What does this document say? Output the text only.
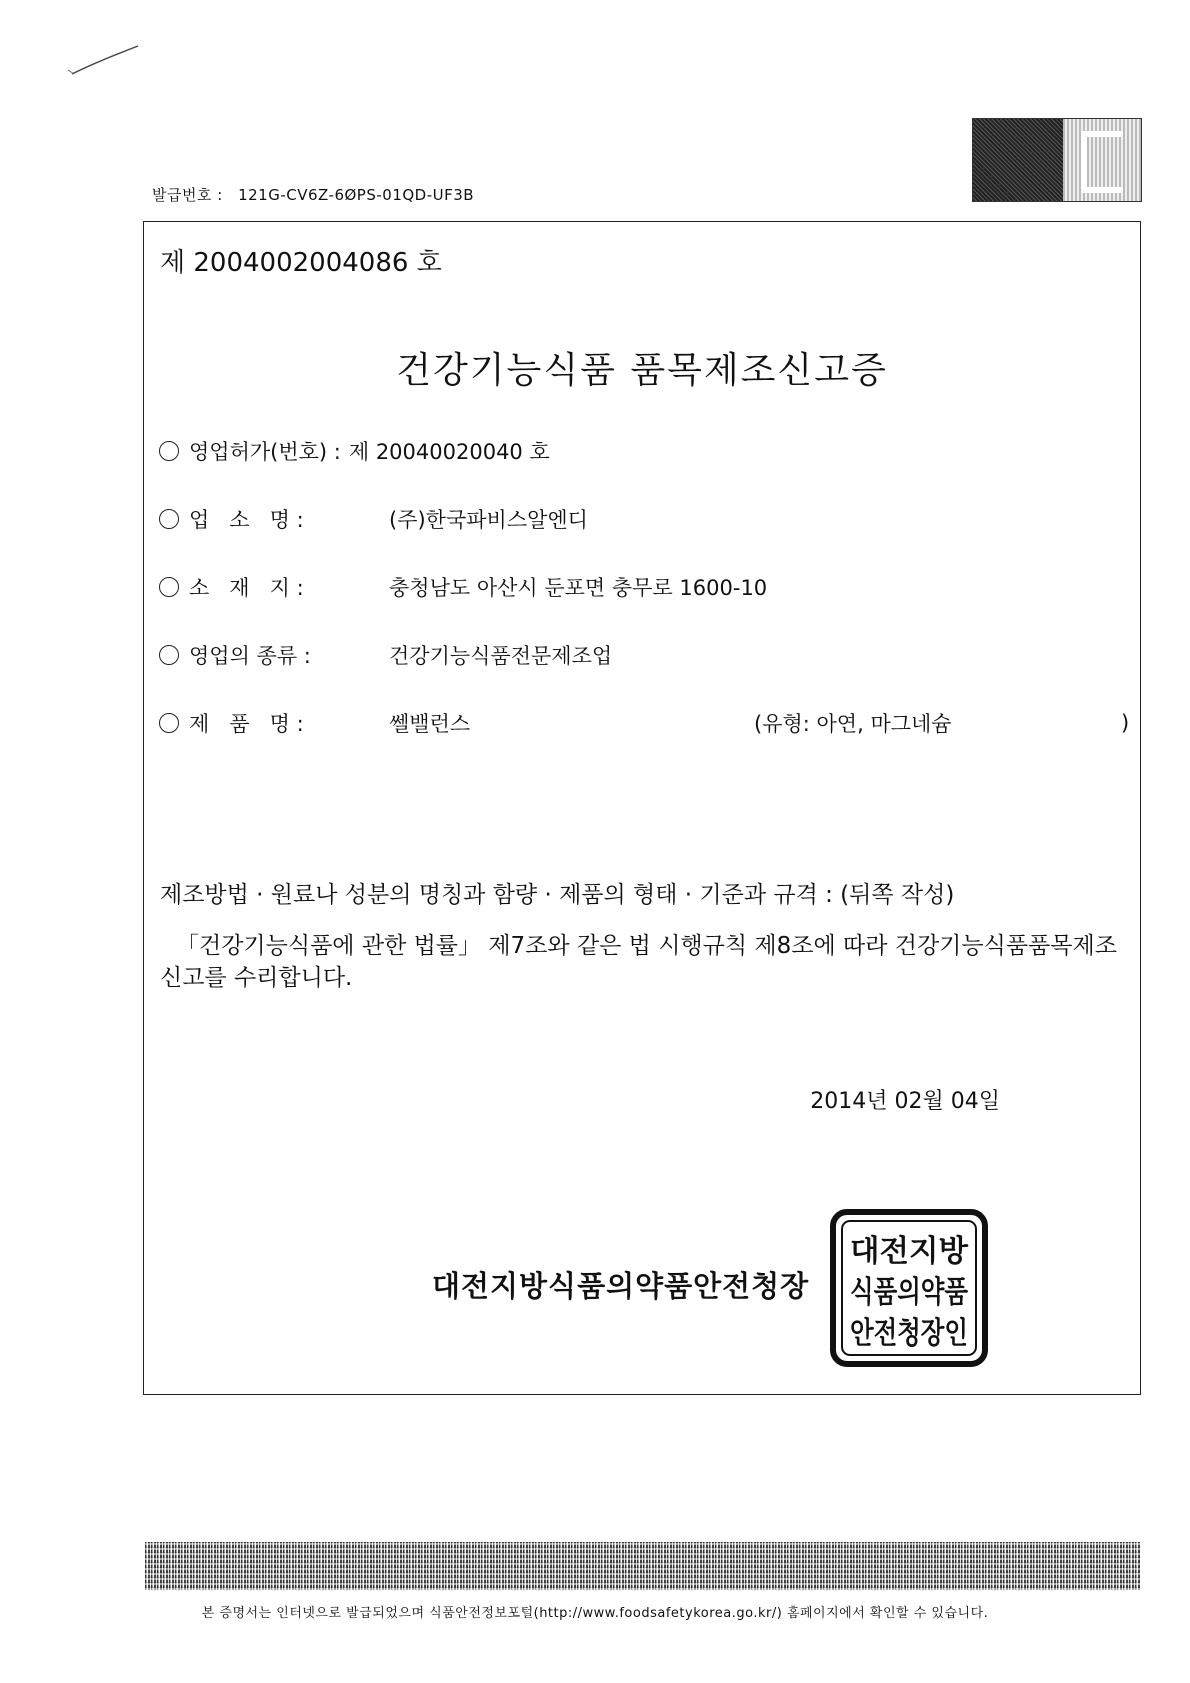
발급번호 : 121G-CV6Z-6ØPS-01QD-UF3B
제 2004002004086 호
건강기능식품 품목제조신고증
영업허가(번호) : 제 20040020040 호
업   소   명 :	(주)한국파비스알엔디
소   재   지 :	충청남도 아산시 둔포면 충무로 1600-10
영업의 종류 :	건강기능식품전문제조업
제   품   명 :	쎌밸런스	(유형: 아연, 마그네슘	)
제조방법 · 원료나 성분의 명칭과 함량 · 제품의 형태 · 기준과 규격 : (뒤쪽 작성)
「건강기능식품에 관한 법률」 제7조와 같은 법 시행규칙 제8조에 따라 건강기능식품품목제조신고를 수리합니다.
2014년 02월 04일
대전지방식품의약품안전청장
대전지방
식품의약품
안전청장인
본 증명서는 인터넷으로 발급되었으며 식품안전정보포털(http://www.foodsafetykorea.go.kr/) 홈페이지에서 확인할 수 있습니다.
